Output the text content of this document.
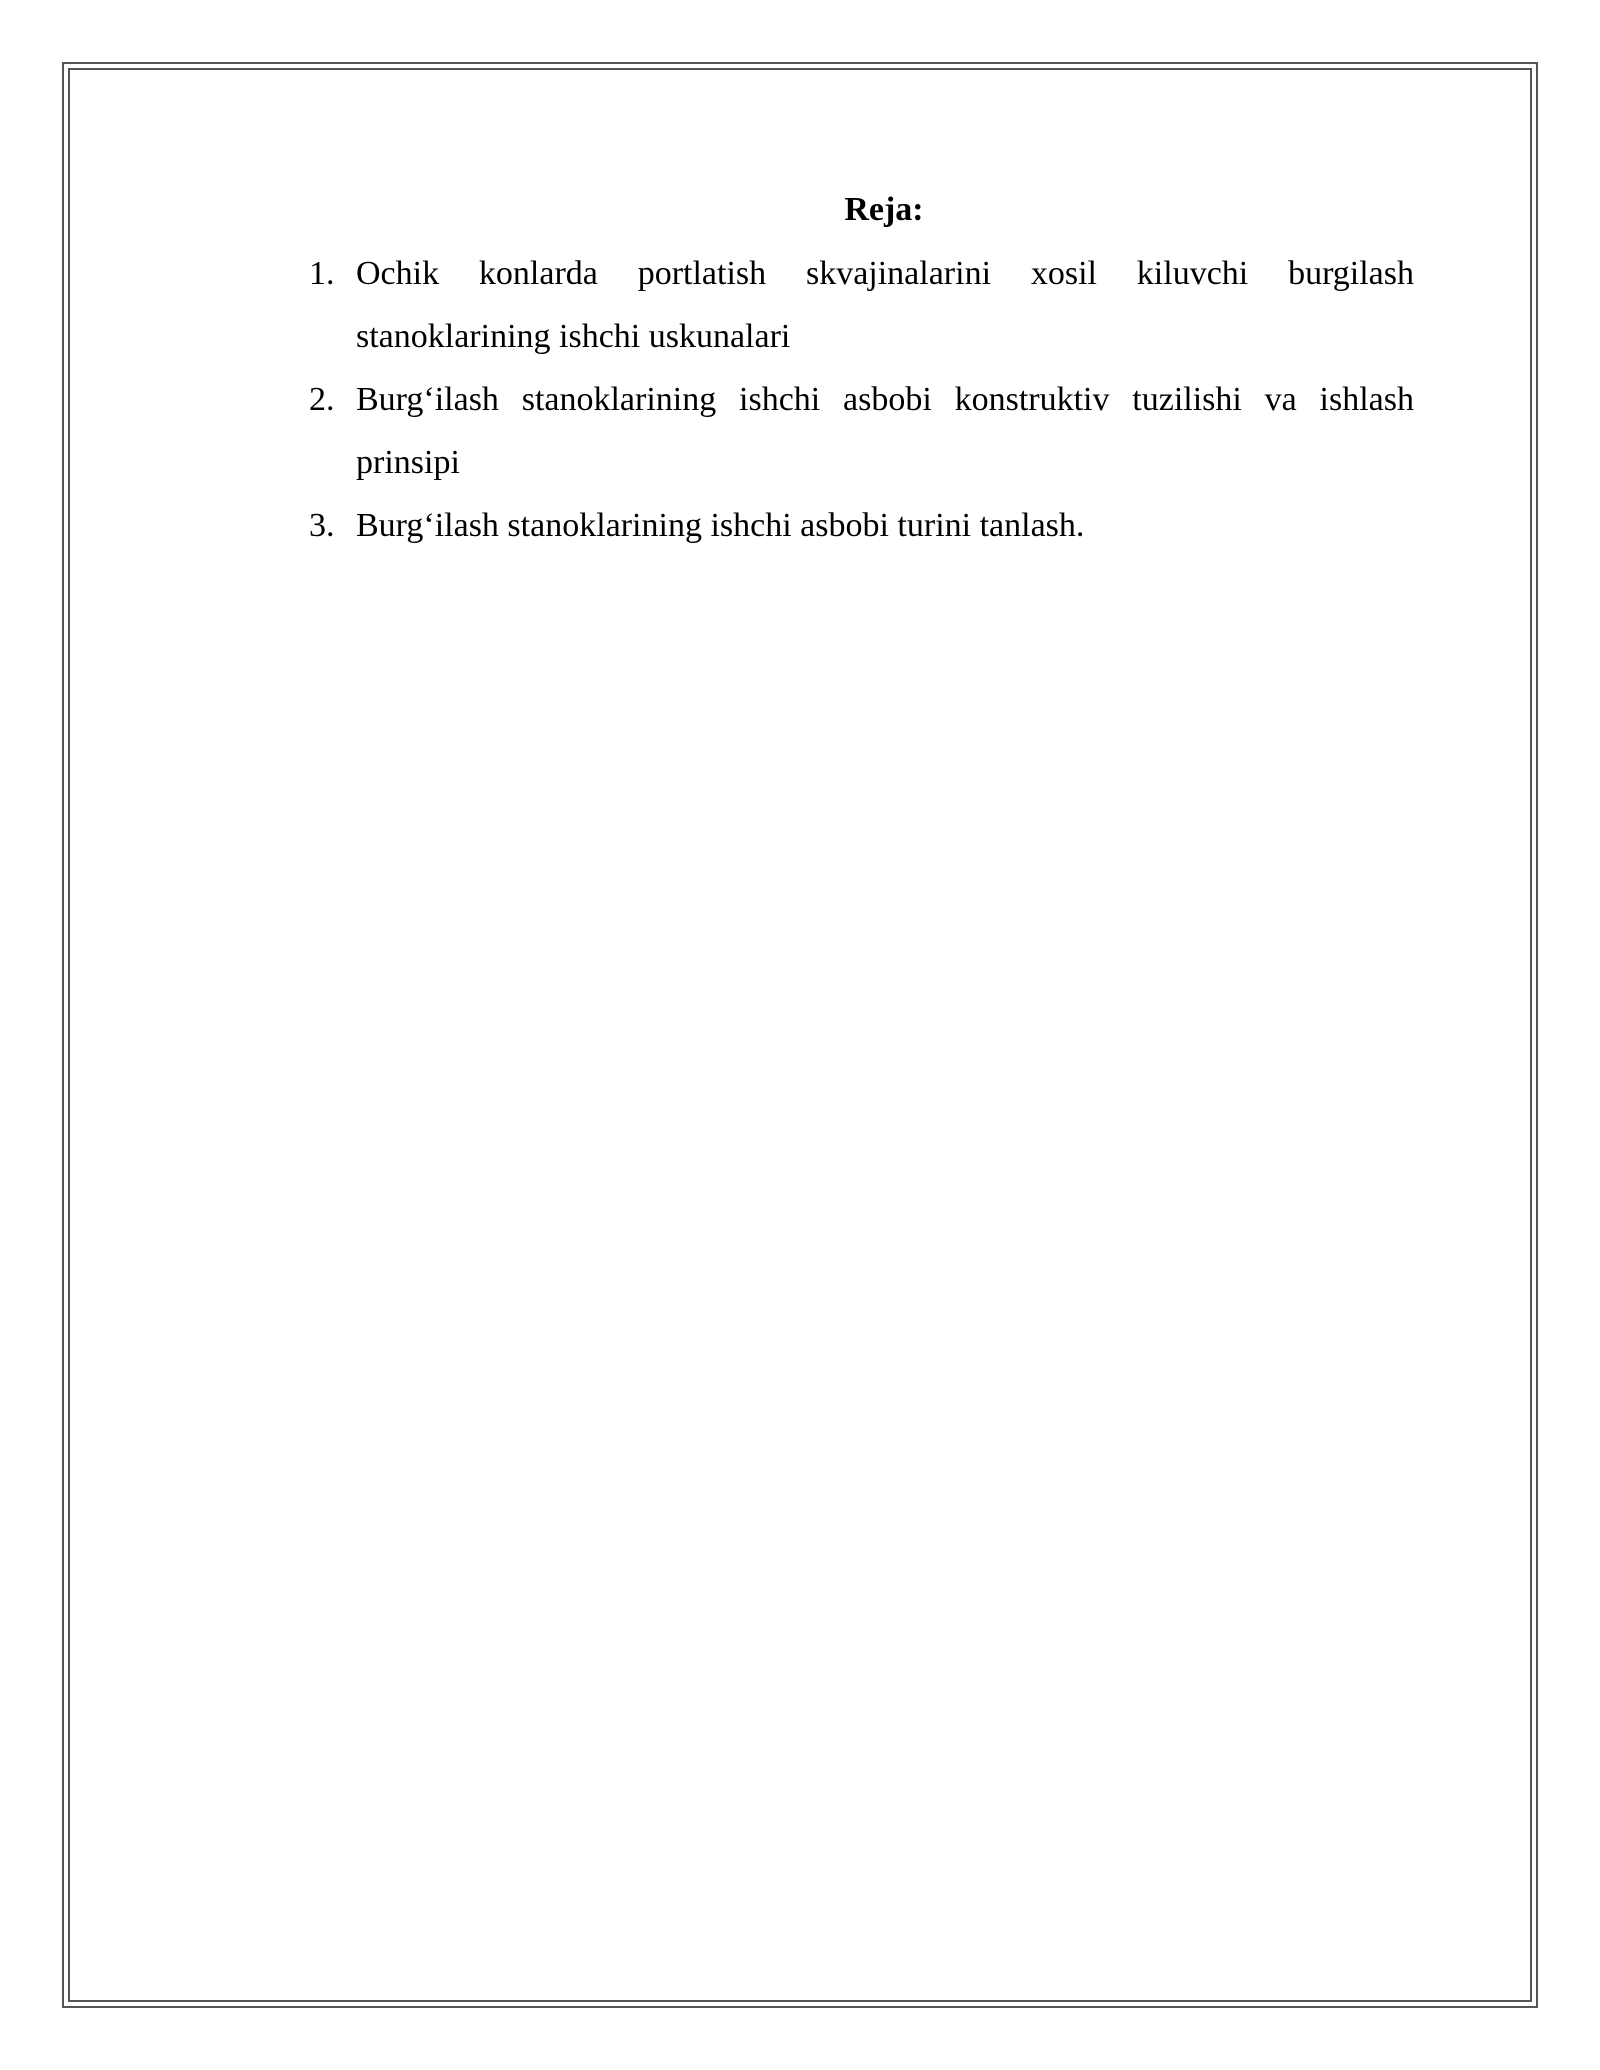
Reja:
1. Ochik konlarda portlatish skvajinalarini xosil kiluvchi burgilash stanoklarining ishchi uskunalari
2. Burg‘ilash stanoklarining ishchi asbobi konstruktiv tuzilishi va ishlash prinsipi
3. Burg‘ilash stanoklarining ishchi asbobi turini tanlash.
